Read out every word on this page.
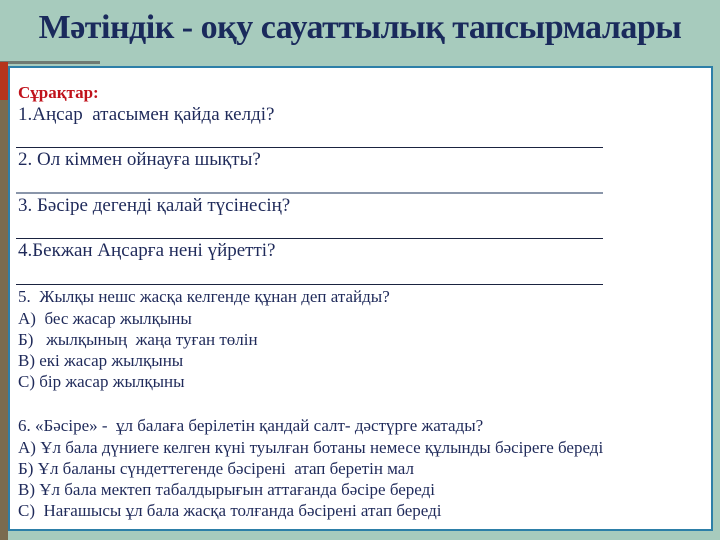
Мәтіндік - оқу сауаттылық тапсырмалары
Сұрақтар:
1.Аңсар  атасымен қайда келді?
2. Ол кіммен ойнауға шықты?
3. Бәсіре дегенді қалай түсінесің?
4.Бекжан Аңсарға нені үйретті?
5.  Жылқы нешс жасқа келгенде құнан деп атайды?
А)  бес жасар жылқыны
Б)   жылқының  жаңа туған төлін
В) екі жасар жылқыны
С) бір жасар жылқыны
6. «Бәсіре» -  ұл балаға берілетін қандай салт- дәстүрге жатады?
А) Ұл бала дүниеге келген күні туылған ботаны немесе құлынды бәсіреге береді
Б) Ұл баланы сүндеттегенде бәсірені  атап беретін мал
В) Ұл бала мектеп табалдырығын аттағанда бәсіре береді
С)  Нағашысы ұл бала жасқа толғанда бәсірені атап береді
